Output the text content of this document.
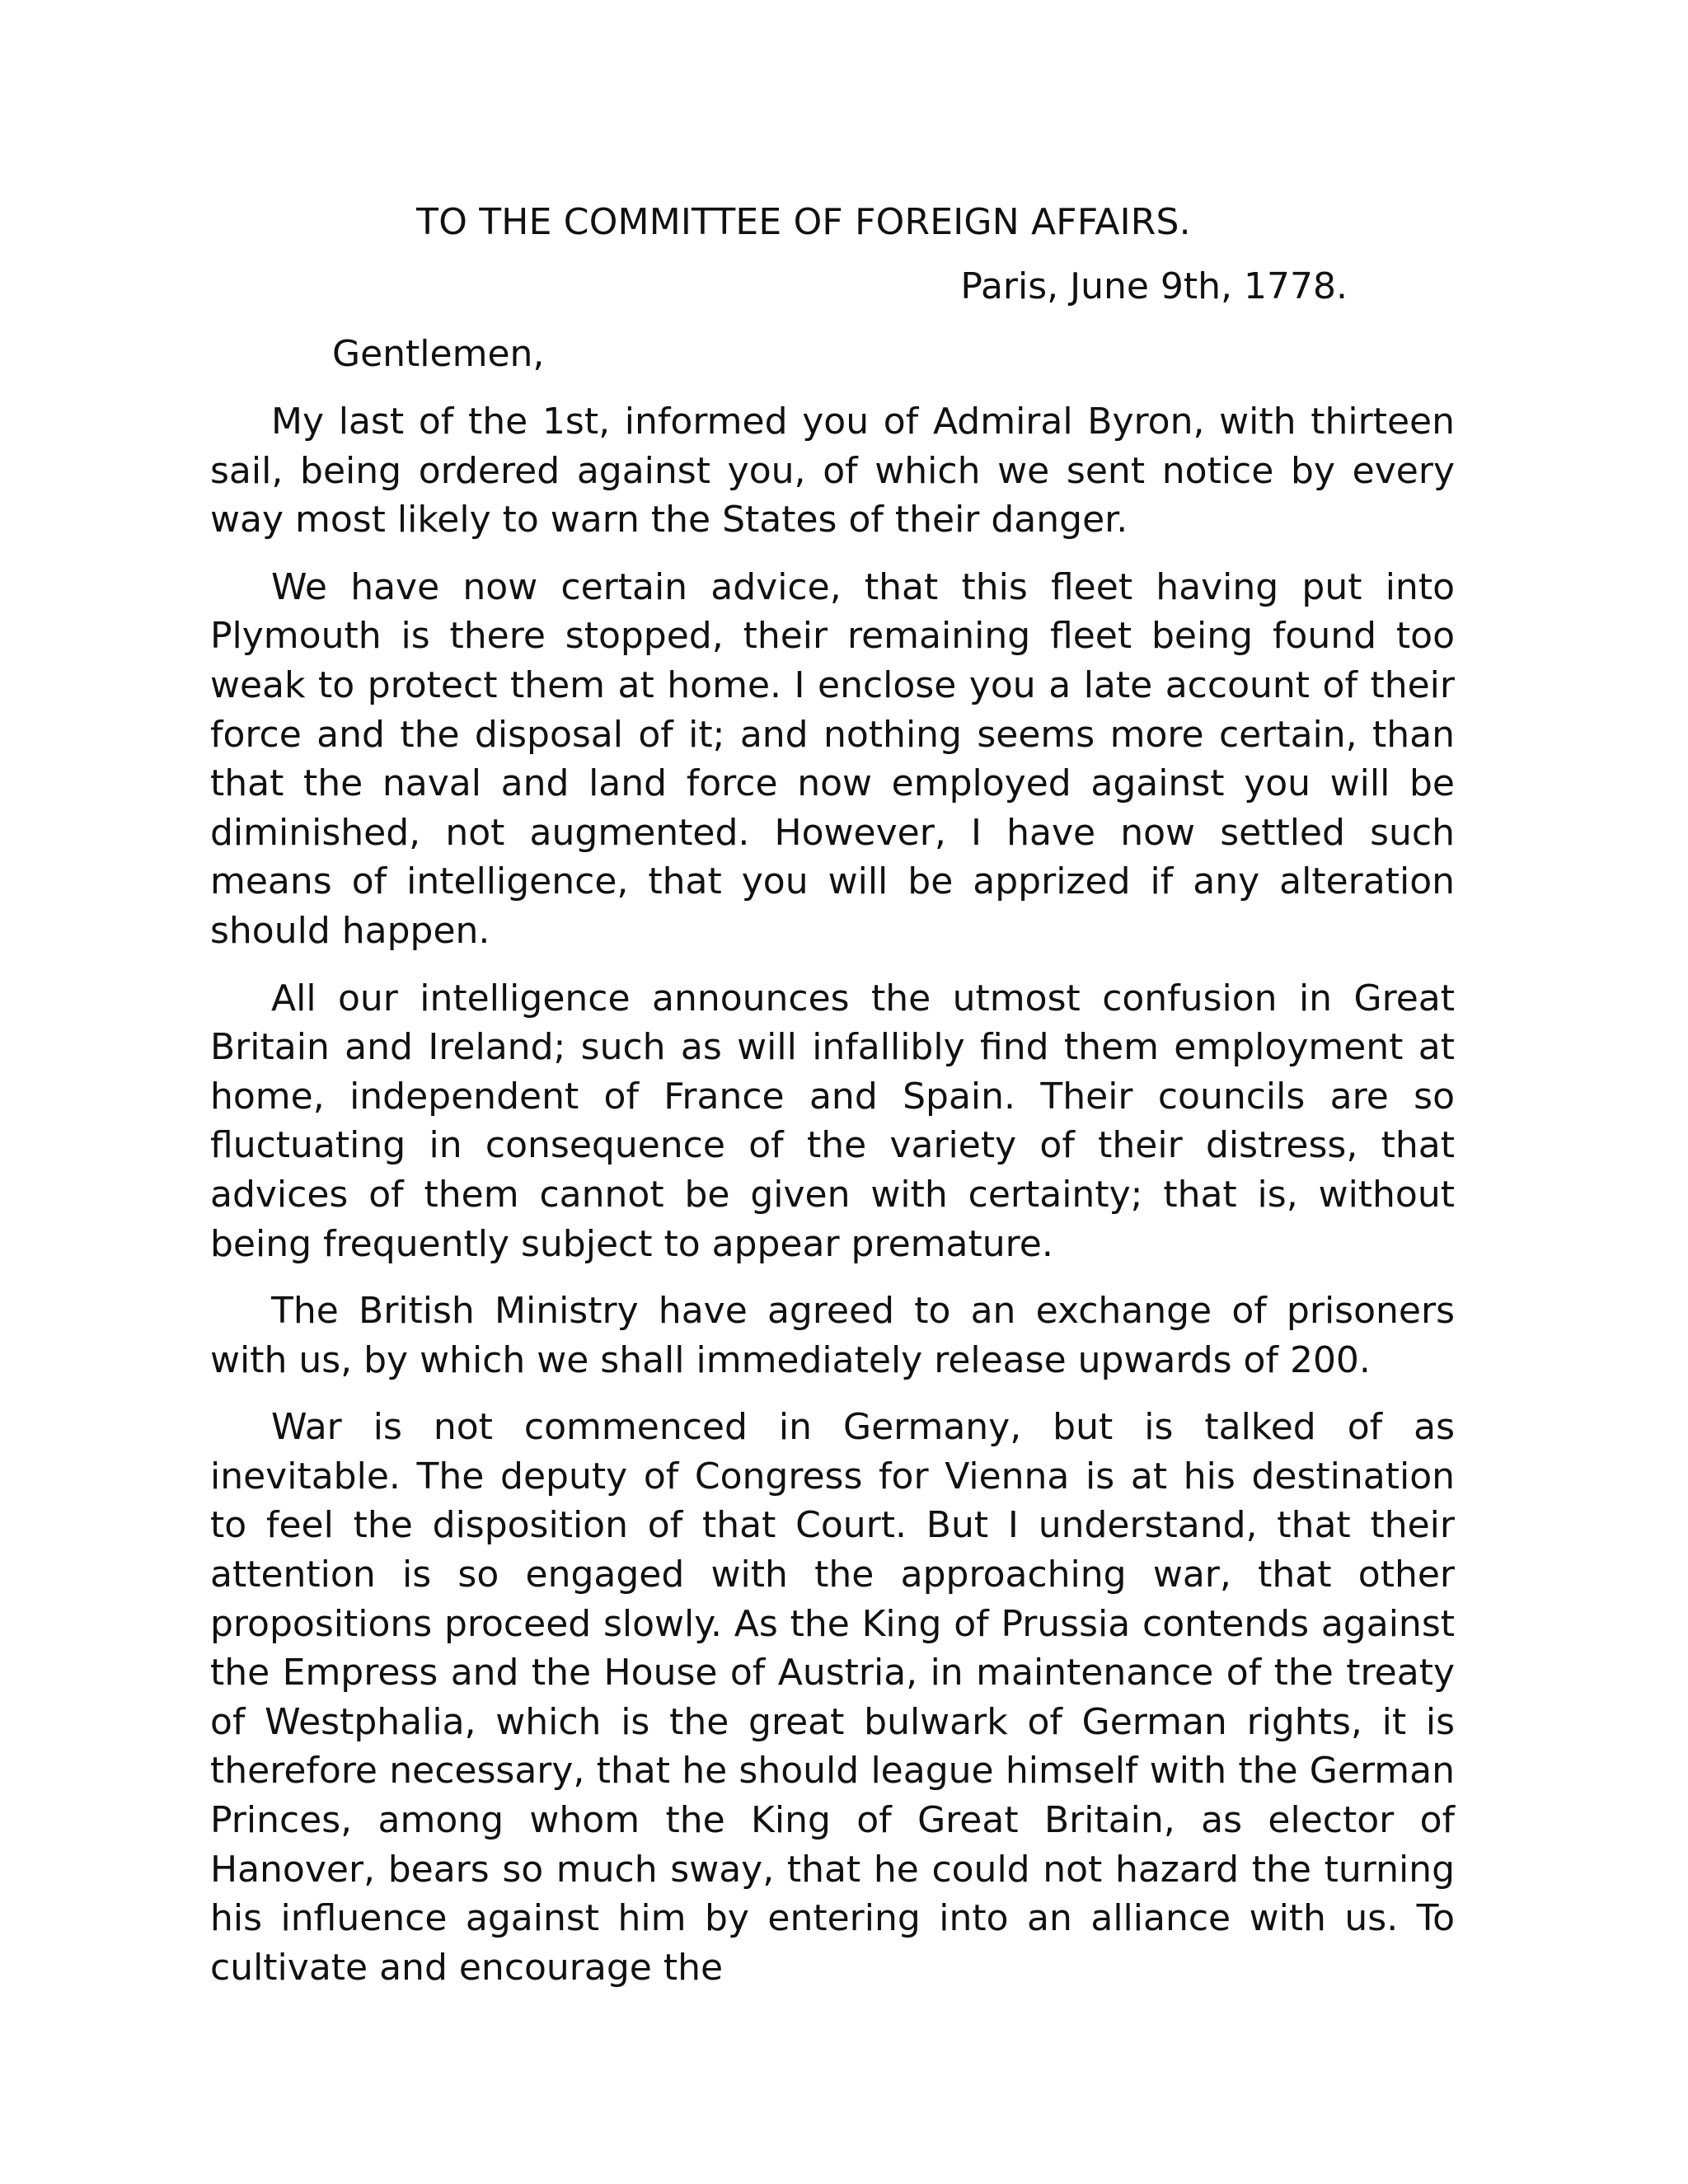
TO THE COMMITTEE OF FOREIGN AFFAIRS.

Paris, June 9th, 1778.

Gentlemen,

My last of the 1st, informed you of Admiral Byron, with thirteen sail, being ordered against you, of which we sent notice by every way most likely to warn the States of their danger.

We have now certain advice, that this fleet having put into Plymouth is there stopped, their remaining fleet being found too weak to protect them at home. I enclose you a late account of their force and the disposal of it; and nothing seems more certain, than that the naval and land force now employed against you will be diminished, not augmented. However, I have now settled such means of intelligence, that you will be apprized if any alteration should happen.

All our intelligence announces the utmost confusion in Great Britain and Ireland; such as will infallibly find them employment at home, independent of France and Spain. Their councils are so fluctuating in consequence of the variety of their distress, that advices of them cannot be given with certainty; that is, without being frequently subject to appear premature.

The British Ministry have agreed to an exchange of prisoners with us, by which we shall immediately release upwards of 200.

War is not commenced in Germany, but is talked of as inevitable. The deputy of Congress for Vienna is at his destination to feel the disposition of that Court. But I understand, that their attention is so engaged with the approaching war, that other propositions proceed slowly. As the King of Prussia contends against the Empress and the House of Austria, in maintenance of the treaty of Westphalia, which is the great bulwark of German rights, it is therefore necessary, that he should league himself with the German Princes, among whom the King of Great Britain, as elector of Hanover, bears so much sway, that he could not hazard the turning his influence against him by entering into an alliance with us. To cultivate and encourage the
